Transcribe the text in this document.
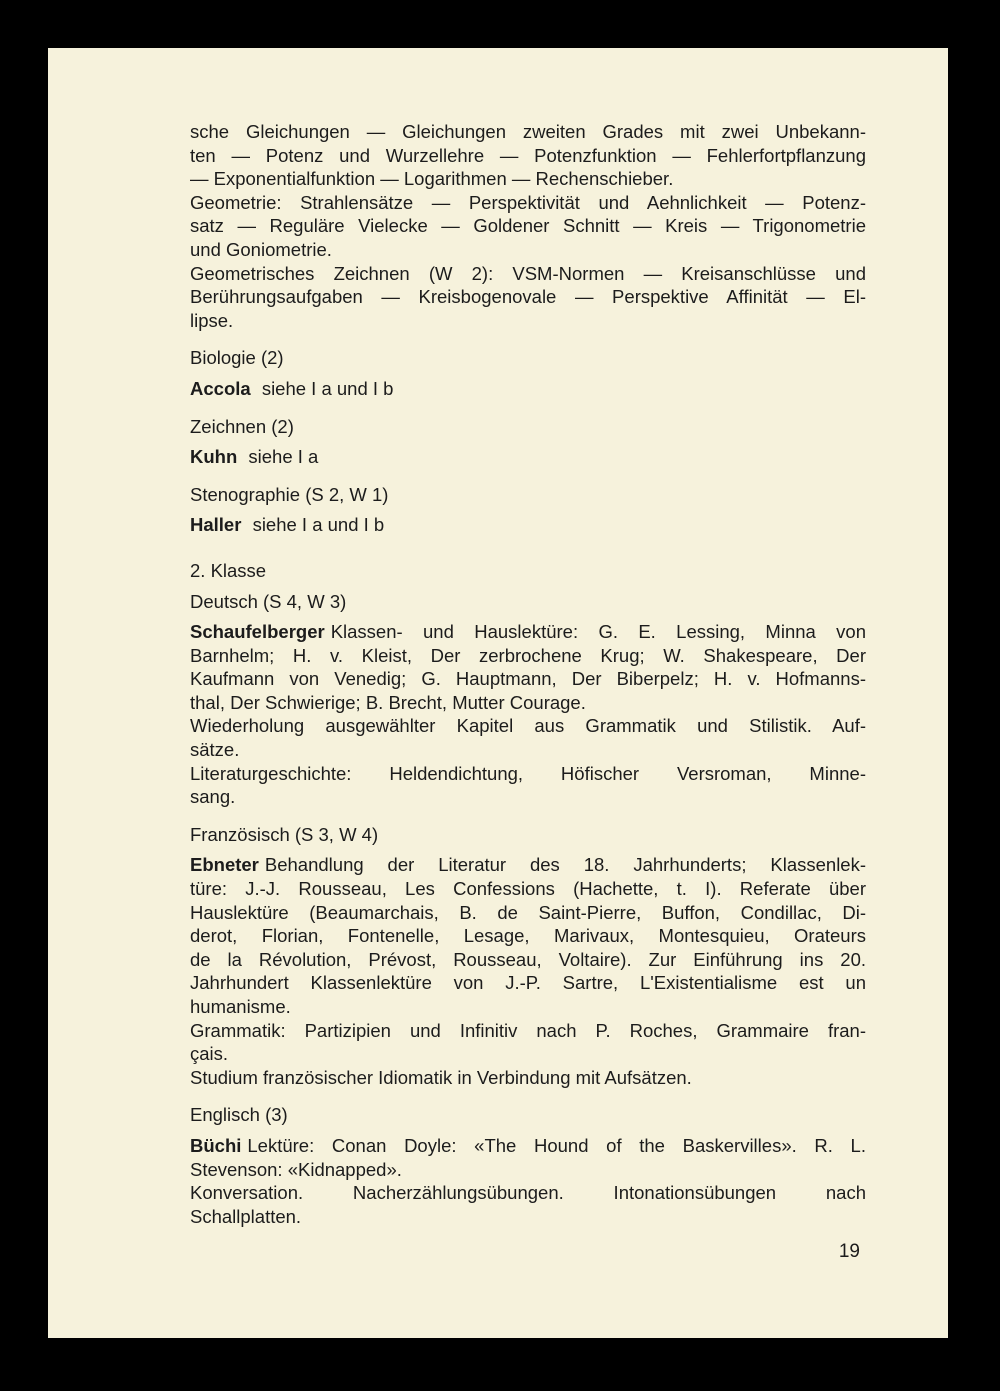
sche Gleichungen — Gleichungen zweiten Grades mit zwei Unbekann-
ten — Potenz und Wurzellehre — Potenzfunktion — Fehlerfortpflanzung
— Exponentialfunktion — Logarithmen — Rechenschieber.

Geometrie: Strahlensätze — Perspektivität und Aehnlichkeit — Potenz-
satz — Reguläre Vielecke — Goldener Schnitt — Kreis — Trigonometrie
und Goniometrie.

Geometrisches Zeichnen (W 2): VSM-Normen — Kreisanschlüsse und
Berührungsaufgaben — Kreisbogenovale — Perspektive Affinität — El-
lipse.

Biologie (2)

Accola siehe I a und I b

Zeichnen (2)

Kuhn siehe I a

Stenographie (S 2, W 1)

Haller siehe I a und I b

2. Klasse

Deutsch (S 4, W 3)

Schaufelberger Klassen- und Hauslektüre: G. E. Lessing, Minna von
Barnhelm; H. v. Kleist, Der zerbrochene Krug; W. Shakespeare, Der
Kaufmann von Venedig; G. Hauptmann, Der Biberpelz; H. v. Hofmanns-
thal, Der Schwierige; B. Brecht, Mutter Courage.

Wiederholung ausgewählter Kapitel aus Grammatik und Stilistik. Auf-
sätze.

Literaturgeschichte: Heldendichtung, Höfischer Versroman, Minne-
sang.

Französisch (S 3, W 4)

Ebneter Behandlung der Literatur des 18. Jahrhunderts; Klassenlek-
türe: J.-J. Rousseau, Les Confessions (Hachette, t. I). Referate über
Hauslektüre (Beaumarchais, B. de Saint-Pierre, Buffon, Condillac, Di-
derot, Florian, Fontenelle, Lesage, Marivaux, Montesquieu, Orateurs
de la Révolution, Prévost, Rousseau, Voltaire). Zur Einführung ins 20.
Jahrhundert Klassenlektüre von J.-P. Sartre, L'Existentialisme est un
humanisme.

Grammatik: Partizipien und Infinitiv nach P. Roches, Grammaire fran-
çais.

Studium französischer Idiomatik in Verbindung mit Aufsätzen.

Englisch (3)

Büchi Lektüre: Conan Doyle: «The Hound of the Baskervilles». R. L.
Stevenson: «Kidnapped».

Konversation. Nacherzählungsübungen. Intonationsübungen nach
Schallplatten.

19
